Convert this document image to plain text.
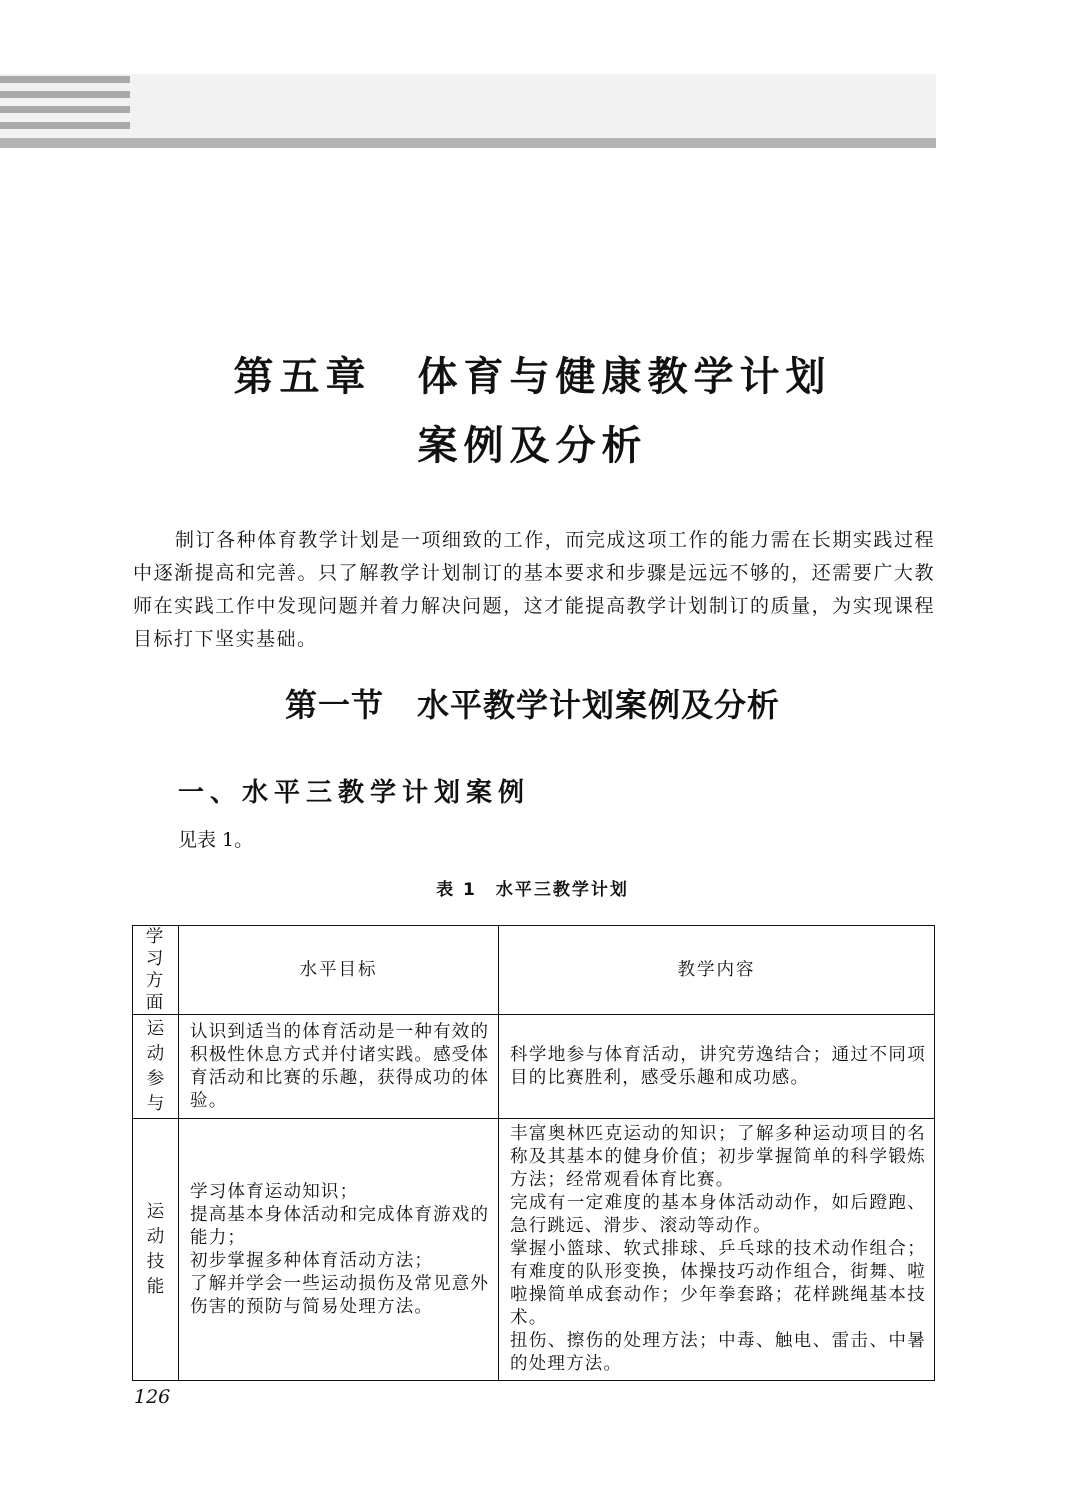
第五章　体育与健康教学计划
案例及分析

制订各种体育教学计划是一项细致的工作，而完成这项工作的能力需在长期实践过程中逐渐提高和完善。只了解教学计划制订的基本要求和步骤是远远不够的，还需要广大教师在实践工作中发现问题并着力解决问题，这才能提高教学计划制订的质量，为实现课程目标打下坚实基础。

第一节　水平教学计划案例及分析
一、水平三教学计划案例
见表 1。
表 1　水平三教学计划
学习方面	水平目标	教学内容
运动参与	认识到适当的体育活动是一种有效的积极性休息方式并付诸实践。感受体育活动和比赛的乐趣，获得成功的体验。	科学地参与体育活动，讲究劳逸结合；通过不同项目的比赛胜利，感受乐趣和成功感。

运动技能	学习体育运动知识；
提高基本身体活动和完成体育游戏的能力；
初步掌握多种体育活动方法；
了解并学会一些运动损伤及常见意外伤害的预防与简易处理方法。	丰富奥林匹克运动的知识；了解多种运动项目的名称及其基本的健身价值；初步掌握简单的科学锻炼方法；经常观看体育比赛。
完成有一定难度的基本身体活动动作，如后蹬跑、急行跳远、滑步、滚动等动作。
掌握小篮球、软式排球、乒乓球的技术动作组合；有难度的队形变换，体操技巧动作组合，街舞、啦啦操简单成套动作；少年拳套路；花样跳绳基本技术。
扭伤、擦伤的处理方法；中毒、触电、雷击、中暑的处理方法。
126
